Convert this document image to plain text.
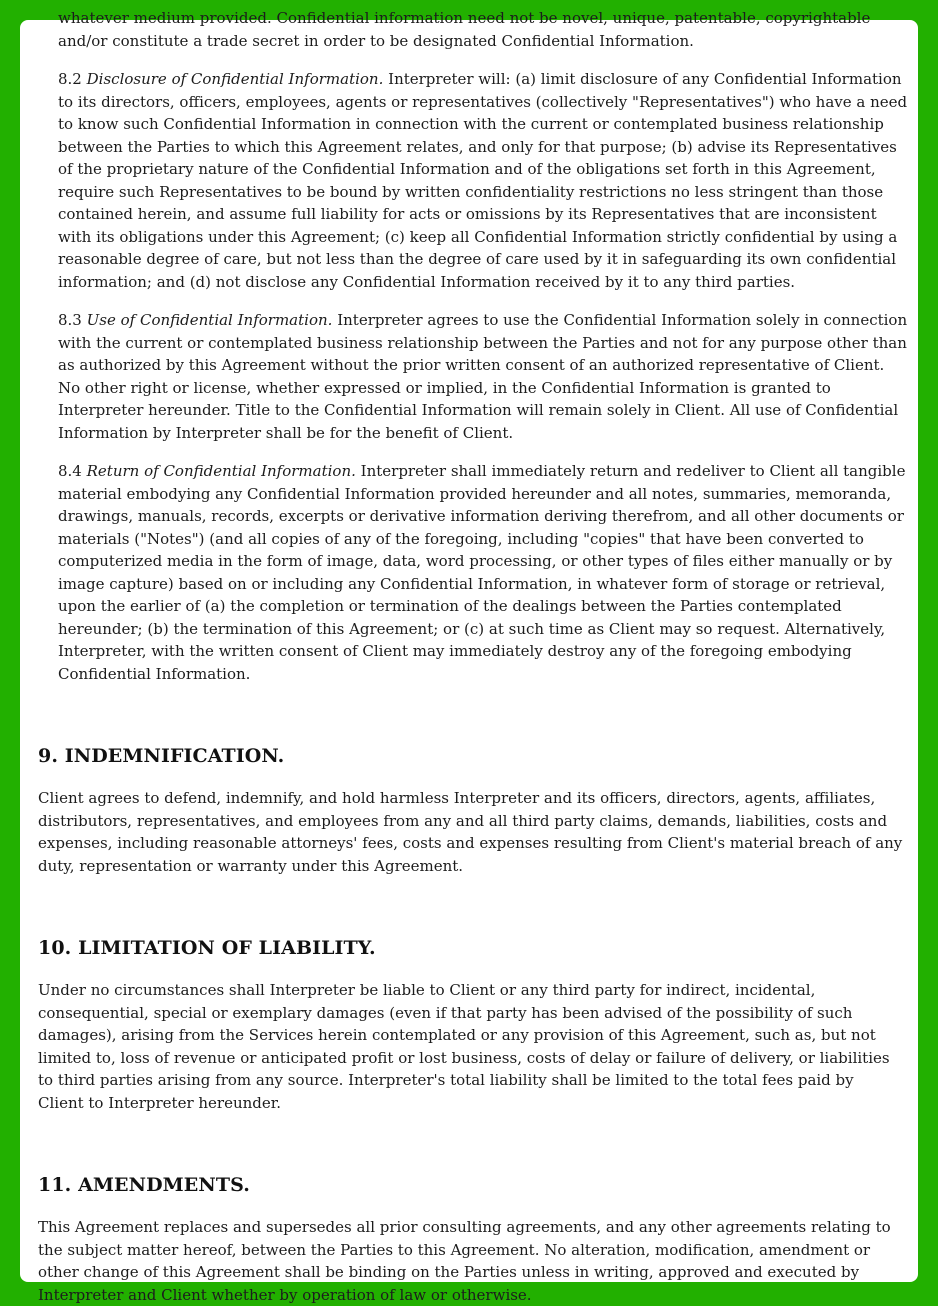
whatever medium provided. Confidential information need not be novel, unique, patentable, copyrightable and/or constitute a trade secret in order to be designated Confidential Information.

8.2 Disclosure of Confidential Information. Interpreter will: (a) limit disclosure of any Confidential Information to its directors, officers, employees, agents or representatives (collectively "Representatives") who have a need to know such Confidential Information in connection with the current or contemplated business relationship between the Parties to which this Agreement relates, and only for that purpose; (b) advise its Representatives of the proprietary nature of the Confidential Information and of the obligations set forth in this Agreement, require such Representatives to be bound by written confidentiality restrictions no less stringent than those contained herein, and assume full liability for acts or omissions by its Representatives that are inconsistent with its obligations under this Agreement; (c) keep all Confidential Information strictly confidential by using a reasonable degree of care, but not less than the degree of care used by it in safeguarding its own confidential information; and (d) not disclose any Confidential Information received by it to any third parties.

8.3 Use of Confidential Information. Interpreter agrees to use the Confidential Information solely in connection with the current or contemplated business relationship between the Parties and not for any purpose other than as authorized by this Agreement without the prior written consent of an authorized representative of Client. No other right or license, whether expressed or implied, in the Confidential Information is granted to Interpreter hereunder. Title to the Confidential Information will remain solely in Client. All use of Confidential Information by Interpreter shall be for the benefit of Client.

8.4 Return of Confidential Information. Interpreter shall immediately return and redeliver to Client all tangible material embodying any Confidential Information provided hereunder and all notes, summaries, memoranda, drawings, manuals, records, excerpts or derivative information deriving therefrom, and all other documents or materials ("Notes") (and all copies of any of the foregoing, including "copies" that have been converted to computerized media in the form of image, data, word processing, or other types of files either manually or by image capture) based on or including any Confidential Information, in whatever form of storage or retrieval, upon the earlier of (a) the completion or termination of the dealings between the Parties contemplated hereunder; (b) the termination of this Agreement; or (c) at such time as Client may so request. Alternatively, Interpreter, with the written consent of Client may immediately destroy any of the foregoing embodying Confidential Information.

9. INDEMNIFICATION.

Client agrees to defend, indemnify, and hold harmless Interpreter and its officers, directors, agents, affiliates, distributors, representatives, and employees from any and all third party claims, demands, liabilities, costs and expenses, including reasonable attorneys' fees, costs and expenses resulting from Client's material breach of any duty, representation or warranty under this Agreement.

10. LIMITATION OF LIABILITY.

Under no circumstances shall Interpreter be liable to Client or any third party for indirect, incidental, consequential, special or exemplary damages (even if that party has been advised of the possibility of such damages), arising from the Services herein contemplated or any provision of this Agreement, such as, but not limited to, loss of revenue or anticipated profit or lost business, costs of delay or failure of delivery, or liabilities to third parties arising from any source. Interpreter's total liability shall be limited to the total fees paid by Client to Interpreter hereunder.

11. AMENDMENTS.

This Agreement replaces and supersedes all prior consulting agreements, and any other agreements relating to the subject matter hereof, between the Parties to this Agreement. No alteration, modification, amendment or other change of this Agreement shall be binding on the Parties unless in writing, approved and executed by Interpreter and Client whether by operation of law or otherwise.
